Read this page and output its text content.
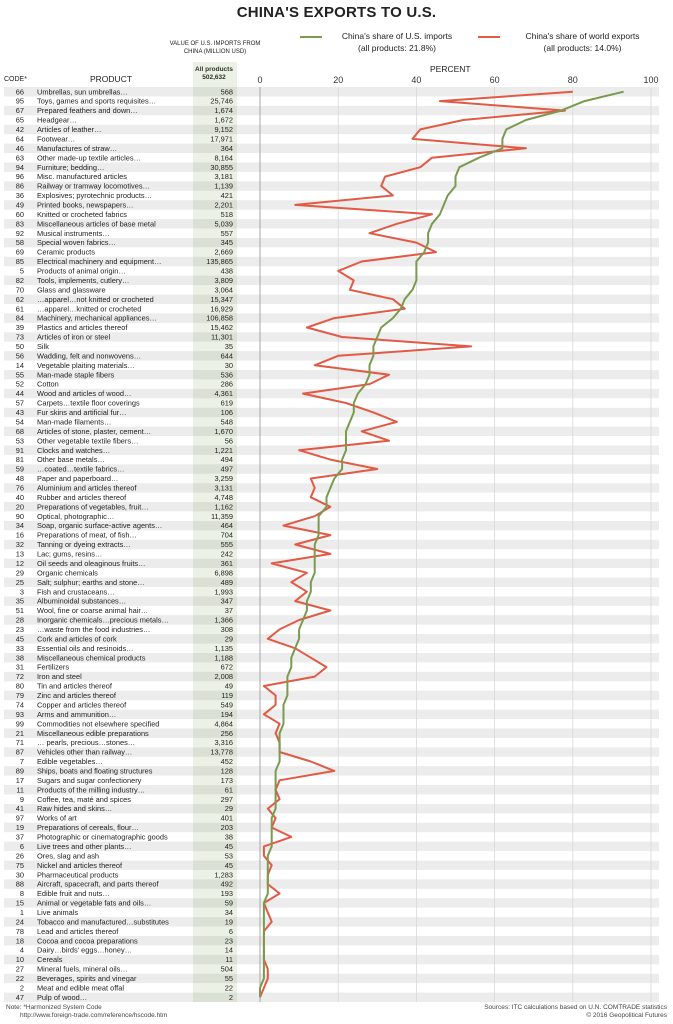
CHINA'S EXPORTS TO U.S.
VALUE OF U.S. IMPORTS FROM CHINA (MILLION USD)
All products
502,632
CODE*	PRODUCT
PERCENT
China's share of U.S. imports
(all products: 21.8%)
China's share of world exports
(all products: 14.0%)
0	20	40	60	80	100
66 Umbrellas, sun umbrellas…	568
95 Toys, games and sports requisites…	25,746
67 Prepared feathers and down…	1,674
65 Headgear…	1,672
42 Articles of leather…	9,152
64 Footwear…	17,971
46 Manufactures of straw…	364
63 Other made-up textile articles…	8,164
94 Furniture; bedding…	30,855
96 Misc. manufactured articles	3,181
86 Railway or tramway locomotives…	1,139
36 Explosives; pyrotechnic products…	421
49 Printed books, newspapers…	2,201
60 Knitted or crocheted fabrics	518
83 Miscellaneous articles of base metal	5,039
92 Musical instruments…	557
58 Special woven fabrics…	345
69 Ceramic products	2,669
85 Electrical machinery and equipment…	135,865
5 Products of animal origin…	438
82 Tools, implements, cutlery…	3,809
70 Glass and glassware	3,064
62 …apparel…not knitted or crocheted	15,347
61 …apparel…knitted or crocheted	16,929
84 Machinery, mechanical appliances…	106,858
39 Plastics and articles thereof	15,462
73 Articles of iron or steel	11,301
50 Silk	35
56 Wadding, felt and nonwovens…	644
14 Vegetable plaiting materials…	30
55 Man-made staple fibers	536
52 Cotton	286
44 Wood and articles of wood…	4,361
57 Carpets…textile floor coverings	619
43 Fur skins and artificial fur…	106
54 Man-made filaments…	548
68 Articles of stone, plaster, cement…	1,670
53 Other vegetable textile fibers…	56
91 Clocks and watches…	1,221
81 Other base metals…	494
59 …coated…textile fabrics…	497
48 Paper and paperboard…	3,259
76 Aluminium and articles thereof	3,131
40 Rubber and articles thereof	4,748
20 Preparations of vegetables, fruit…	1,162
90 Optical, photographic…	11,359
34 Soap, organic surface-active agents…	464
16 Preparations of meat, of fish…	704
32 Tanning or dyeing extracts…	555
13 Lac; gums, resins…	242
12 Oil seeds and oleaginous fruits…	361
29 Organic chemicals	6,898
25 Salt; sulphur; earths and stone…	489
3 Fish and crustaceans…	1,993
35 Albuminoidal substances…	347
51 Wool, fine or coarse animal hair…	37
28 Inorganic chemicals…precious metals…	1,366
23 …waste from the food industries…	308
45 Cork and articles of cork	29
33 Essential oils and resinoids…	1,135
38 Miscellaneous chemical products	1,188
31 Fertilizers	672
72 Iron and steel	2,008
80 Tin and articles thereof	49
79 Zinc and articles thereof	119
74 Copper and articles thereof	549
93 Arms and ammunition…	194
99 Commodities not elsewhere specified	4,864
21 Miscellaneous edible preparations	256
71 … pearls, precious…stones…	3,316
87 Vehicles other than railway…	13,778
7 Edible vegetables…	452
89 Ships, boats and floating structures	128
17 Sugars and sugar confectionery	173
11 Products of the milling industry…	61
9 Coffee, tea, maté and spices	297
41 Raw hides and skins…	29
97 Works of art	401
19 Preparations of cereals, flour…	203
37 Photographic or cinematographic goods	38
6 Live trees and other plants…	45
26 Ores, slag and ash	53
75 Nickel and articles thereof	45
30 Pharmaceutical products	1,283
88 Aircraft, spacecraft, and parts thereof	492
8 Edible fruit and nuts…	193
15 Animal or vegetable fats and oils…	59
1 Live animals	34
24 Tobacco and manufactured…substitutes	19
78 Lead and articles thereof	6
18 Cocoa and cocoa preparations	23
4 Dairy…birds' eggs…honey…	14
10 Cereals	11
27 Mineral fuels, mineral oils…	504
22 Beverages, spirits and vinegar	55
2 Meat and edible meat offal	22
47 Pulp of wood…	2
Note: *Harmonized System Code
http://www.foreign-trade.com/reference/hscode.htm
Sources: ITC calculations based on U.N. COMTRADE statistics
© 2016 Geopolitical Futures
